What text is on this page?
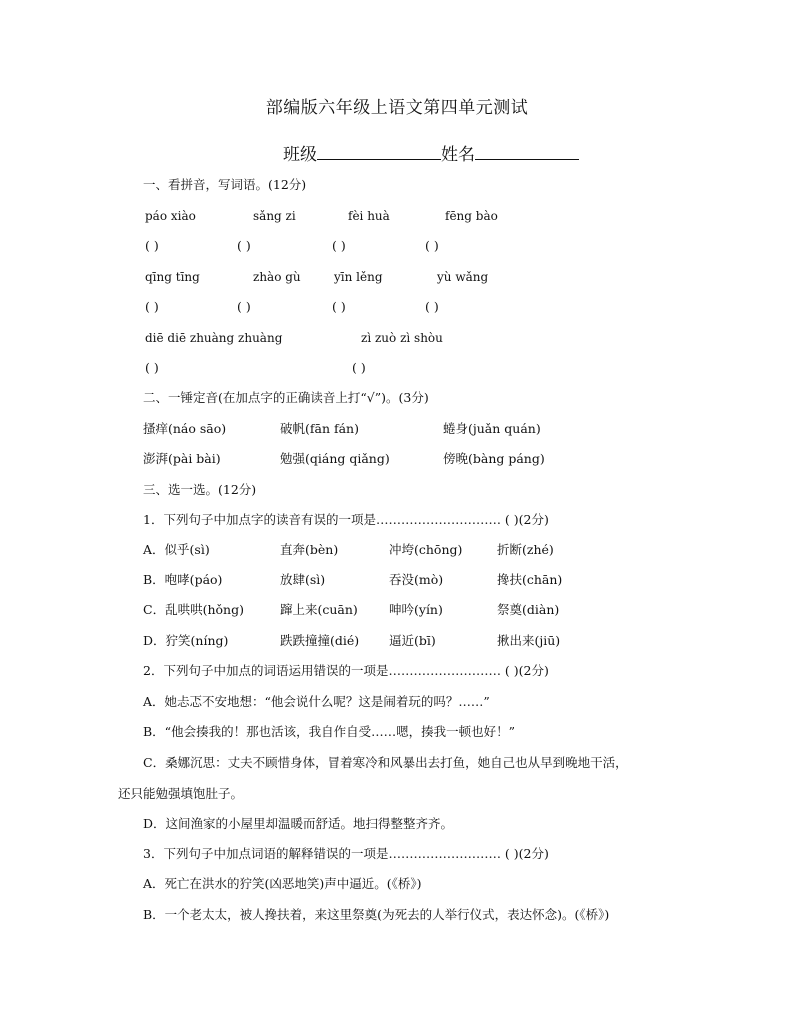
部编版六年级上语文第四单元测试
班级	姓名
一、看拼音，写词语。(12分)
páo xiào	sǎng zi	fèi huà	fēng bào
( )	( )	( )	( )
qīng tīng	zhào gù	yīn lěng	yù wǎng
( )	( )	( )	( )
diē diē zhuàng zhuàng	zì zuò zì shòu
( )	( )
二、一锤定音(在加点字的正确读音上打“√”)。(3分)
搔痒(náo sāo)	破帆(fān fán)	蜷身(juǎn quán)
澎湃(pài bài)	勉强(qiáng qiǎng)	傍晚(bàng páng)
三、选一选。(12分)
1．下列句子中加点字的读音有误的一项是………………………… ( )(2分)
A．似乎(sì)	直奔(bèn)	冲垮(chōng)	折断(zhé)
B．咆哮(páo)	放肆(sì)	吞没(mò)	搀扶(chān)
C．乱哄哄(hǒng)	蹿上来(cuān) 呻吟(yín)	祭奠(diàn)
D．狞笑(níng)	跌跌撞撞(dié) 逼近(bī)	揪出来(jiū)
2．下列句子中加点的词语运用错误的一项是……………………… ( )(2分)
A．她忐忑不安地想：“他会说什么呢？这是闹着玩的吗？……”
B．“他会揍我的！那也活该，我自作自受……嗯，揍我一顿也好！”
C．桑娜沉思：丈夫不顾惜身体，冒着寒冷和风暴出去打鱼，她自己也从早到晚地干活，
还只能勉强填饱肚子。
D．这间渔家的小屋里却温暖而舒适。地扫得整整齐齐。
3．下列句子中加点词语的解释错误的一项是……………………… ( )(2分)
A．死亡在洪水的狞笑(凶恶地笑)声中逼近。(《桥》)
B．一个老太太，被人搀扶着，来这里祭奠(为死去的人举行仪式，表达怀念)。(《桥》)
